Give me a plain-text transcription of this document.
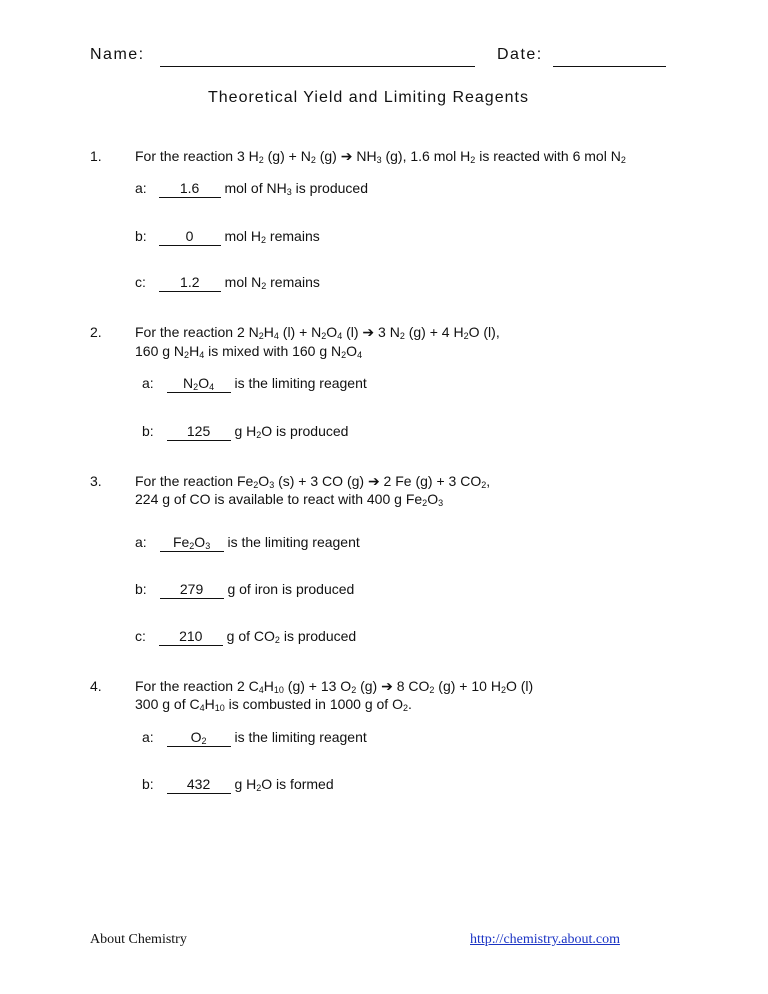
Name:	Date:
Theoretical Yield and Limiting Reagents
1. For the reaction 3 $H_2$ $(g) + N_2$ (g) ➔ $NH_3$ (g), 1.6 mol $H_2$ is reacted with 6 mol $N_2$
a: 1.6 mol of $NH_3$ is produced
b:	0 mol $H_2$ remains
c: 1.2 mol $N_2$ remains
2. For the reaction 2 $N_2H_4$ $(l) + N_2O_4$ (l) ➔ 3 $N_2$ (g) + 4 $H_2O$ (l),
160 g $N_2H_4$ is mixed with 160 g $N_2O_4$
a: $N_2O_4$ is the limiting reagent
b: 125 g $H_2O$ is produced
3. For the reaction $Fe_2O_3$ (s) + 3 CO (g) ➔ 2 Fe (g) + 3 $CO_2$,
224 g of CO is available to react with 400 g $Fe_2O_3$
a: $Fe_2O_3$ is the limiting reagent
b: 279 g of iron is produced
c: 210 g of $CO_2$ is produced
4. For the reaction 2 $C_4H_{10}$ (g) + 13 $O_2$ (g) ➔ 8 $CO_2$ (g) + 10 $H_2O$ (l)
300 g of $C_4H_{10}$ is combusted in 1000 g of $O_2$.
a:	$O_2$ is the limiting reagent
b: 432 g $H_2O$ is formed
About Chemistry	http://chemistry.about.com
